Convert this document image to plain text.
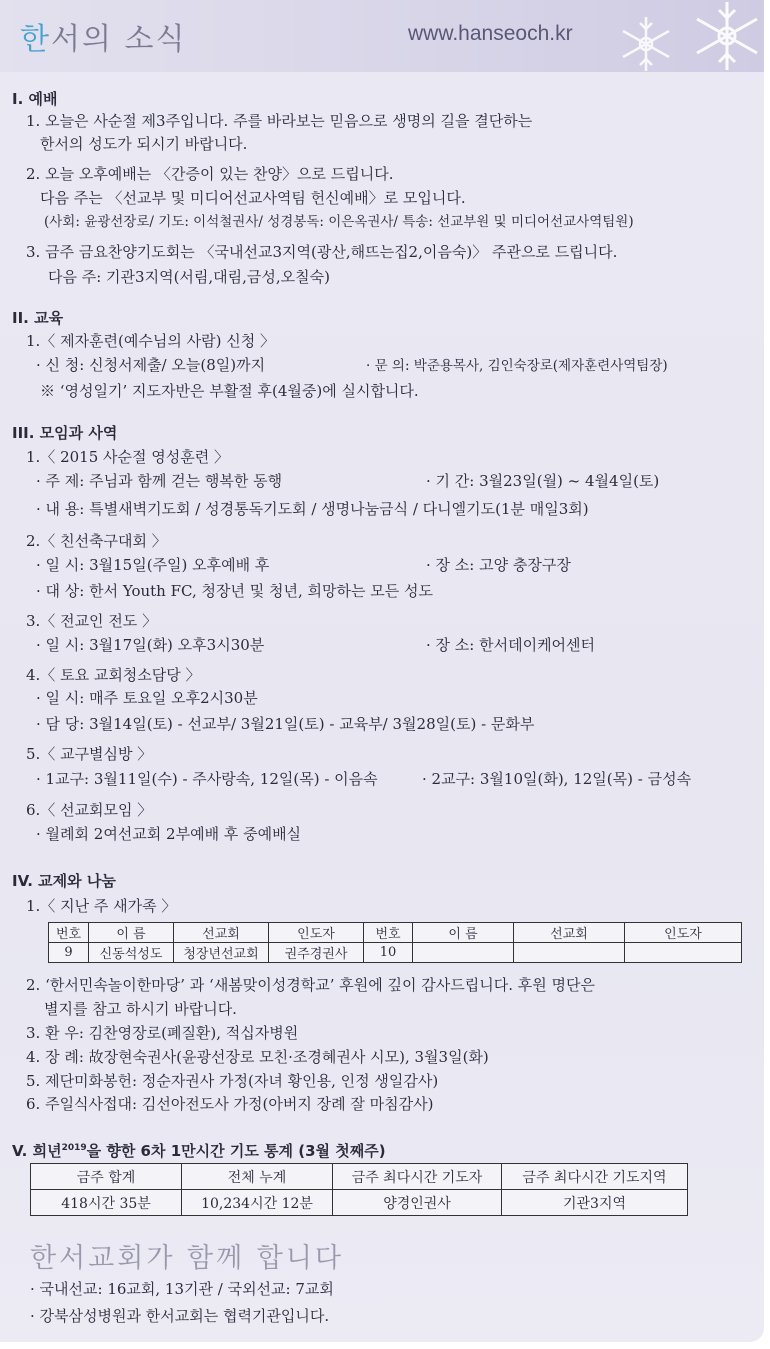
한서의 소식	www.hanseoch.kr
I. 예배
1. 오늘은 사순절 제3주입니다. 주를 바라보는 믿음으로 생명의 길을 결단하는
한서의 성도가 되시기 바랍니다.
2. 오늘 오후예배는 〈간증이 있는 찬양〉으로 드립니다.
다음 주는 〈선교부 및 미디어선교사역팀 헌신예배〉로 모입니다.
(사회: 윤광선장로/ 기도: 이석철권사/ 성경봉독: 이은옥권사/ 특송: 선교부원 및 미디어선교사역팀원)
3. 금주 금요찬양기도회는 〈국내선교3지역(광산,해뜨는집2,이음숙)〉 주관으로 드립니다.
다음 주: 기관3지역(서림,대림,금성,오칠숙)
II. 교육
1.〈 제자훈련(예수님의 사람) 신청 〉
· 신 청: 신청서제출/ 오늘(8일)까지	· 문 의: 박준용목사, 김인숙장로(제자훈련사역팀장)
※ ‘영성일기’ 지도자반은 부활절 후(4월중)에 실시합니다.
III. 모임과 사역
1.〈 2015 사순절 영성훈련 〉
· 주 제: 주님과 함께 걷는 행복한 동행	· 기 간: 3월23일(월) ~ 4월4일(토)
· 내 용: 특별새벽기도회 / 성경통독기도회 / 생명나눔금식 / 다니엘기도(1분 매일3회)
2.〈 친선축구대회 〉
· 일 시: 3월15일(주일) 오후예배 후	· 장 소: 고양 충장구장
· 대 상: 한서 Youth FC, 청장년 및 청년, 희망하는 모든 성도
3.〈 전교인 전도 〉
· 일 시: 3월17일(화) 오후3시30분	· 장 소: 한서데이케어센터
4.〈 토요 교회청소담당 〉
· 일 시: 매주 토요일 오후2시30분
· 담 당: 3월14일(토) - 선교부/ 3월21일(토) - 교육부/ 3월28일(토) - 문화부
5.〈 교구별심방 〉
· 1교구: 3월11일(수) - 주사랑속, 12일(목) - 이음속	· 2교구: 3월10일(화), 12일(목) - 금성속
6.〈 선교회모임 〉
· 월례회 2여선교회 2부예배 후 중예배실
IV. 교제와 나눔
1.〈 지난 주 새가족 〉
번호	이 름	선교회	인도자	번호	이 름	선교회	인도자
9	신동석성도	청장년선교회	권주경권사	10			
2. ‘한서민속놀이한마당’ 과 ‘새봄맞이성경학교’ 후원에 깊이 감사드립니다. 후원 명단은
별지를 참고 하시기 바랍니다.
3. 환 우: 김찬영장로(폐질환), 적십자병원
4. 장 례: 故장현숙권사(윤광선장로 모친·조경혜권사 시모), 3월3일(화)
5. 제단미화봉헌: 정순자권사 가정(자녀 황인용, 인정 생일감사)
6. 주일식사접대: 김선아전도사 가정(아버지 장례 잘 마침감사)
V. 희년$^{2019}$을 향한 6차 1만시간 기도 통계 (3월 첫째주)
금주 합계	전체 누계	금주 최다시간 기도자	금주 최다시간 기도지역
418시간 35분	10,234시간 12분	양경인권사	기관3지역
한서교회가 함께 합니다
· 국내선교: 16교회, 13기관 / 국외선교: 7교회
· 강북삼성병원과 한서교회는 협력기관입니다.
